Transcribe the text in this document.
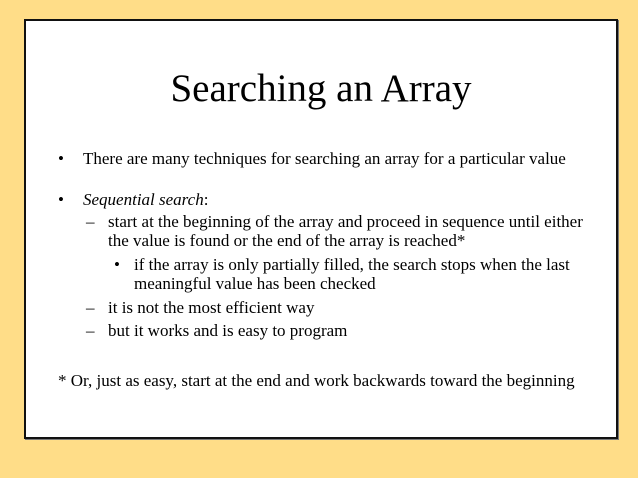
Searching an Array
• There are many techniques for searching an array for a particular value
• Sequential search:
– start at the beginning of the array and proceed in sequence until either
the value is found or the end of the array is reached*
• if the array is only partially filled, the search stops when the last
meaningful value has been checked
– it is not the most efficient way
– but it works and is easy to program
* Or, just as easy, start at the end and work backwards toward the beginning
